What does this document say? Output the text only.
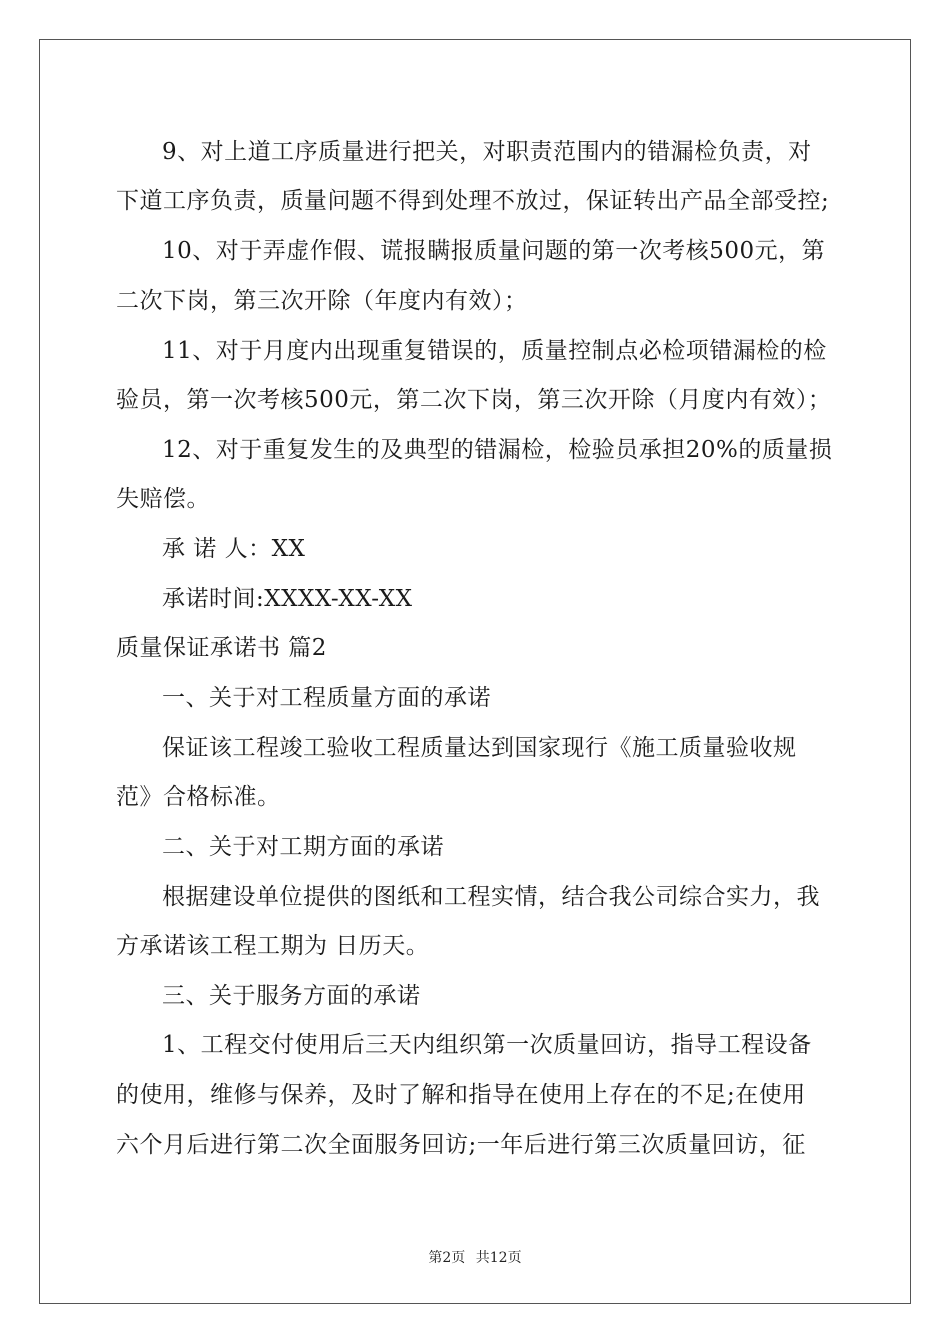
9、对上道工序质量进行把关，对职责范围内的错漏检负责，对
下道工序负责，质量问题不得到处理不放过，保证转出产品全部受控;
10、对于弄虚作假、谎报瞒报质量问题的第一次考核500元，第
二次下岗，第三次开除（年度内有效）；
11、对于月度内出现重复错误的，质量控制点必检项错漏检的检
验员，第一次考核500元，第二次下岗，第三次开除（月度内有效）；
12、对于重复发生的及典型的错漏检，检验员承担20%的质量损
失赔偿。
承 诺 人：XX
承诺时间:XXXX-XX-XX
质量保证承诺书 篇2
一、关于对工程质量方面的承诺
保证该工程竣工验收工程质量达到国家现行《施工质量验收规
范》合格标准。
二、关于对工期方面的承诺
根据建设单位提供的图纸和工程实情，结合我公司综合实力，我
方承诺该工程工期为 日历天。
三、关于服务方面的承诺
1、工程交付使用后三天内组织第一次质量回访，指导工程设备
的使用，维修与保养，及时了解和指导在使用上存在的不足;在使用
六个月后进行第二次全面服务回访;一年后进行第三次质量回访，征
第2页 共12页
